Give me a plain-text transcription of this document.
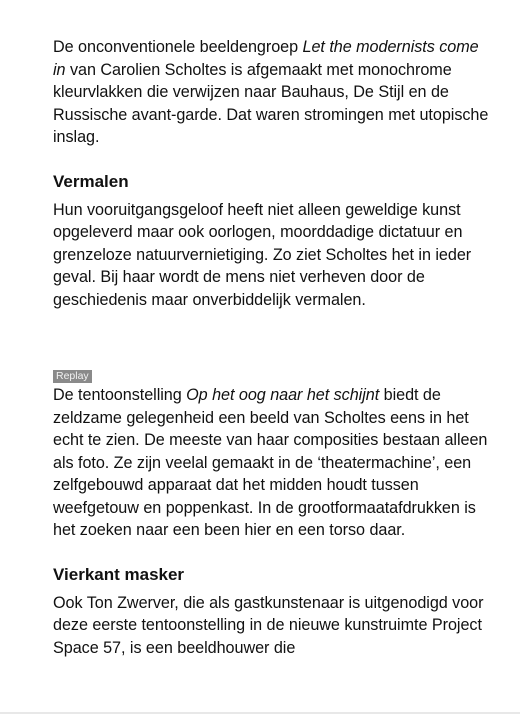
De onconventionele beeldengroep Let the modernists come in van Carolien Scholtes is afgemaakt met monochrome kleurvlakken die verwijzen naar Bauhaus, De Stijl en de Russische avant-garde. Dat waren stromingen met utopische inslag.

Vermalen

Hun vooruitgangsgeloof heeft niet alleen geweldige kunst opgeleverd maar ook oorlogen, moorddadige dictatuur en grenzeloze natuurvernietiging. Zo ziet Scholtes het in ieder geval. Bij haar wordt de mens niet verheven door de geschiedenis maar onverbiddelijk vermalen.

Replay

De tentoonstelling Op het oog naar het schijnt biedt de zeldzame gelegenheid een beeld van Scholtes eens in het echt te zien. De meeste van haar composities bestaan alleen als foto. Ze zijn veelal gemaakt in de ‘theatermachine’, een zelfgebouwd apparaat dat het midden houdt tussen weefgetouw en poppenkast. In de grootformaatafdrukken is het zoeken naar een been hier en een torso daar.

Vierkant masker

Ook Ton Zwerver, die als gastkunstenaar is uitgenodigd voor deze eerste tentoonstelling in de nieuwe kunstruimte Project Space 57, is een beeldhouwer die
